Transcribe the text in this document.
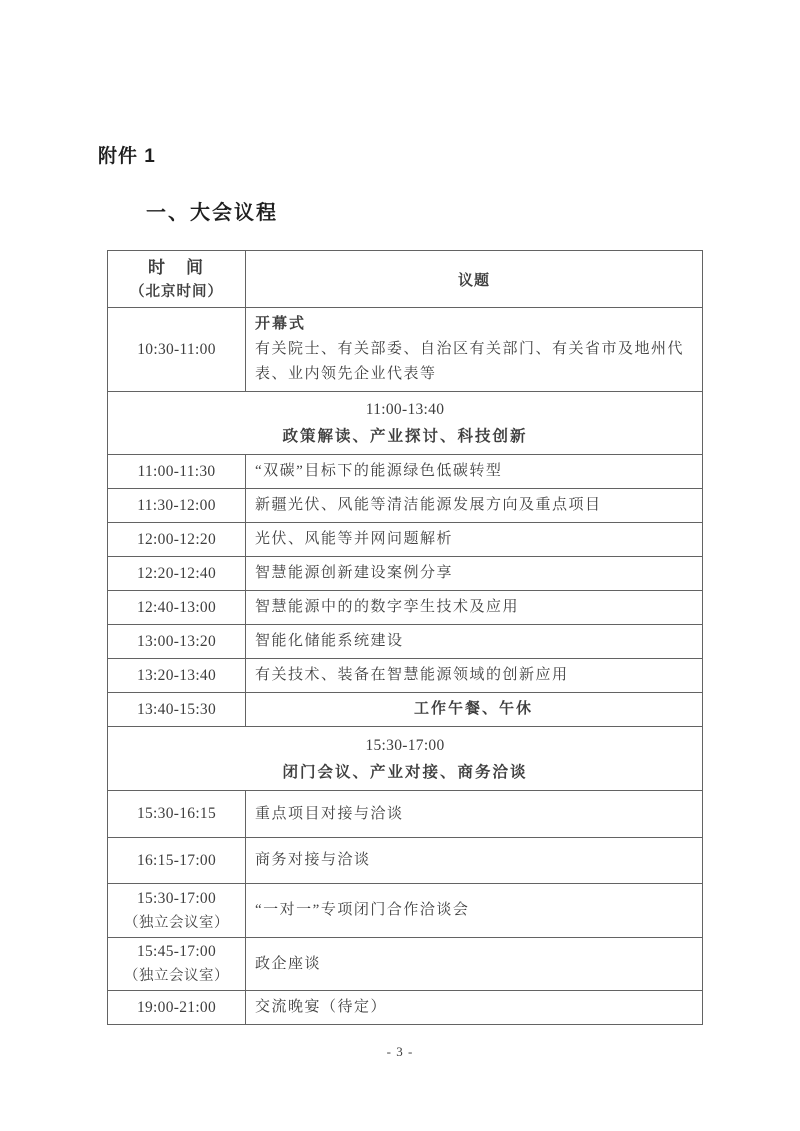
附件 1
一、大会议程
时　间
（北京时间）	议题
10:30-11:00	开幕式
有关院士、有关部委、自治区有关部门、有关省市及地州代表、业内领先企业代表等

11:00-13:40
政策解读、产业探讨、科技创新	

11:00-11:30	“双碳”目标下的能源绿色低碳转型
11:30-12:00	新疆光伏、风能等清洁能源发展方向及重点项目
12:00-12:20	光伏、风能等并网问题解析
12:20-12:40	智慧能源创新建设案例分享
12:40-13:00	智慧能源中的的数字孪生技术及应用
13:00-13:20	智能化储能系统建设
13:20-13:40	有关技术、装备在智慧能源领域的创新应用
13:40-15:30	工作午餐、午休

15:30-17:00
闭门会议、产业对接、商务洽谈	

15:30-16:15	重点项目对接与洽谈
16:15-17:00	商务对接与洽谈

15:30-17:00
（独立会议室）	“一对一”专项闭门合作洽谈会

15:45-17:00
（独立会议室）	政企座谈
19:00-21:00	交流晚宴（待定）
- 3 -
